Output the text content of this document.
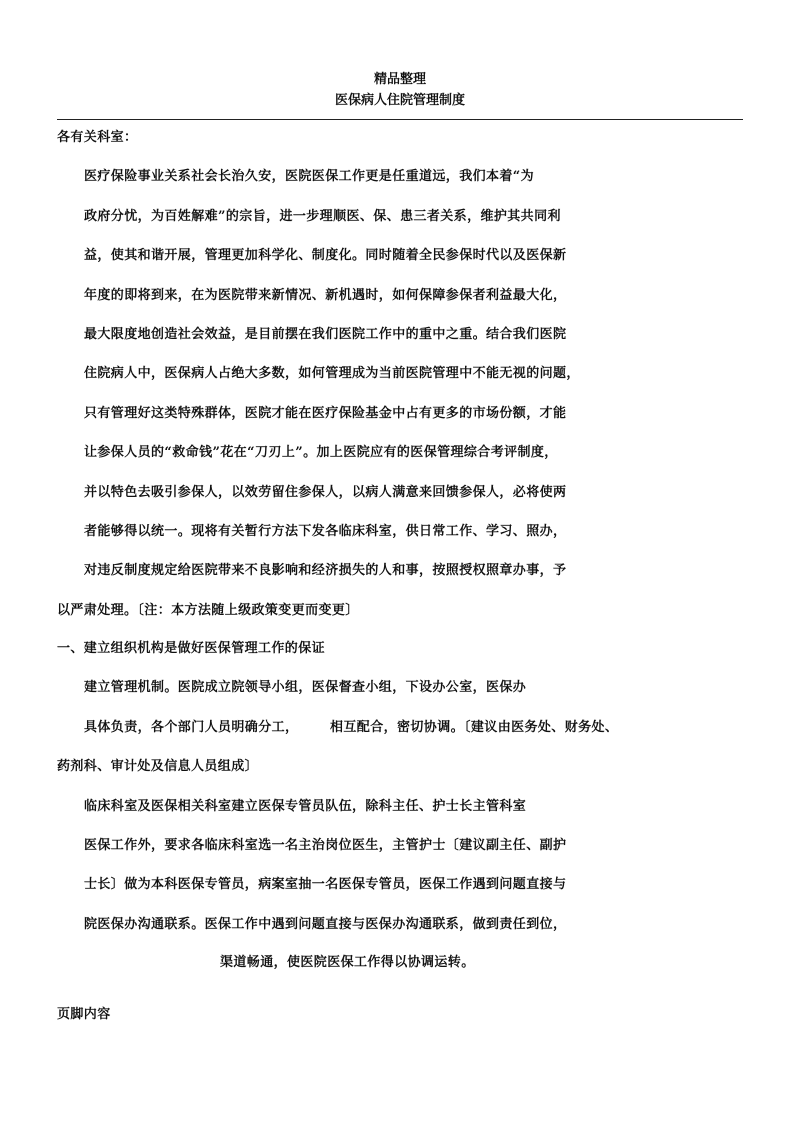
精品整理
医保病人住院管理制度
各有关科室：
医疗保险事业关系社会长治久安，医院医保工作更是任重道远，我们本着“为
政府分忧，为百姓解难”的宗旨，进一步理顺医、保、患三者关系，维护其共同利
益，使其和谐开展，管理更加科学化、制度化。同时随着全民参保时代以及医保新
年度的即将到来，在为医院带来新情况、新机遇时，如何保障参保者利益最大化，
最大限度地创造社会效益，是目前摆在我们医院工作中的重中之重。结合我们医院
住院病人中，医保病人占绝大多数，如何管理成为当前医院管理中不能无视的问题，
只有管理好这类特殊群体，医院才能在医疗保险基金中占有更多的市场份额，才能
让参保人员的“救命钱”花在“刀刃上”。加上医院应有的医保管理综合考评制度，
并以特色去吸引参保人，以效劳留住参保人，以病人满意来回馈参保人，必将使两
者能够得以统一。现将有关暂行方法下发各临床科室，供日常工作、学习、照办，
对违反制度规定给医院带来不良影响和经济损失的人和事，按照授权照章办事，予
以严肃处理。〔注：本方法随上级政策变更而变更〕
一、建立组织机构是做好医保管理工作的保证
建立管理机制。医院成立院领导小组，医保督查小组，下设办公室，医保办
具体负责，各个部门人员明确分工， 相互配合，密切协调。〔建议由医务处、财务处、
药剂科、审计处及信息人员组成〕
临床科室及医保相关科室建立医保专管员队伍，除科主任、护士长主管科室
医保工作外，要求各临床科室选一名主治岗位医生，主管护士〔建议副主任、副护
士长〕做为本科医保专管员，病案室抽一名医保专管员，医保工作遇到问题直接与
院医保办沟通联系。医保工作中遇到问题直接与医保办沟通联系，做到责任到位，
渠道畅通，使医院医保工作得以协调运转。
页脚内容
